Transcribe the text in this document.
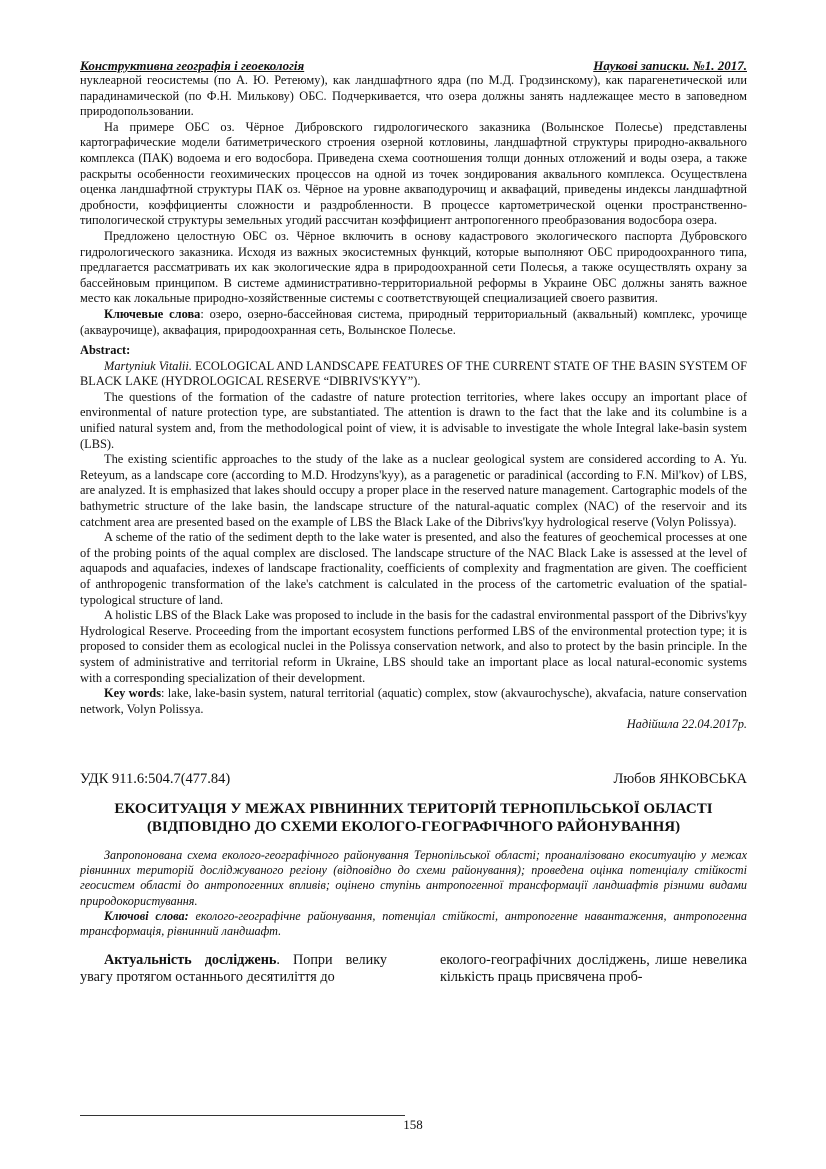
Конструктивна географія і геоекологія	Наукові записки. №1. 2017.

нуклеарной геосистемы (по А. Ю. Ретеюму), как ландшафтного ядра (по М.Д. Гродзинскому), как парагенетической или парадинамической (по Ф.Н. Милькову) ОБС. Подчеркивается, что озера должны занять надлежащее место в заповедном природопользовании.

На примере ОБС оз. Чёрное Дибровского гидрологического заказника (Волынское Полесье) представлены картографические модели батиметрического строения озерной котловины, ландшафтной структуры природно-аквального комплекса (ПАК) водоема и его водосбора. Приведена схема соотношения толщи донных отложений и воды озера, а также раскрыты особенности геохимических процессов на одной из точек зондирования аквального комплекса. Осуществлена оценка ландшафтной структуры ПАК оз. Чёрное на уровне акваподурочищ и аквафаций, приведены индексы ландшафтной дробности, коэффициенты сложности и раздробленности. В процессе картометрической оценки пространственно-типологической структуры земельных угодий рассчитан коэффициент антропогенного преобразования водосбора озера.

Предложено целостную ОБС оз. Чёрное включить в основу кадастрового экологического паспорта Дубровского гидрологического заказника. Исходя из важных экосистемных функций, которые выполняют ОБС природоохранного типа, предлагается рассматривать их как экологические ядра в природоохранной сети Полесья, а также осуществлять охрану за бассейновым принципом. В системе административно-территориальной реформы в Украине ОБС должны занять важное место как локальные природно-хозяйственные системы с соответствующей специализацией своего развития.

Ключевые слова: озеро, озерно-бассейновая система, природный территориальный (аквальный) комплекс, урочище (акваурочище), аквафация, природоохранная сеть, Волынское Полесье.

Abstract:

Martyniuk Vitalii. ECOLOGICAL AND LANDSCAPE FEATURES OF THE CURRENT STATE OF THE BASIN SYSTEM OF BLACK LAKE (HYDROLOGICAL RESERVE “DIBRIVS'KYY”).

The questions of the formation of the cadastre of nature protection territories, where lakes occupy an important place of environmental of nature protection type, are substantiated. The attention is drawn to the fact that the lake and its columbine is a unified natural system and, from the methodological point of view, it is advisable to investigate the whole Integral lake-basin system (LBS).

The existing scientific approaches to the study of the lake as a nuclear geological system are considered according to A. Yu. Reteyum, as a landscape core (according to M.D. Hrodzyns'kyy), as a paragenetic or paradinical (according to F.N. Mil'kov) of LBS, are analyzed. It is emphasized that lakes should occupy a proper place in the reserved nature management. Cartographic models of the bathymetric structure of the lake basin, the landscape structure of the natural-aquatic complex (NAC) of the reservoir and its catchment area are presented based on the example of LBS the Black Lake of the Dibrivs'kyy hydrological reserve (Volyn Polissya).

A scheme of the ratio of the sediment depth to the lake water is presented, and also the features of geochemical processes at one of the probing points of the aqual complex are disclosed. The landscape structure of the NAC Black Lake is assessed at the level of aquapods and aquafacies, indexes of landscape fractionality, coefficients of complexity and fragmentation are given. The coefficient of anthropogenic transformation of the lake's catchment is calculated in the process of the cartometric evaluation of the spatial-typological structure of land.

A holistic LBS of the Black Lake was proposed to include in the basis for the cadastral environmental passport of the Dibrivs'kyy Hydrological Reserve. Proceeding from the important ecosystem functions performed LBS of the environmental protection type; it is proposed to consider them as ecological nuclei in the Polissya conservation network, and also to protect by the basin principle. In the system of administrative and territorial reform in Ukraine, LBS should take an important place as local natural-economic systems with a corresponding specialization of their development.

Key words: lake, lake-basin system, natural territorial (aquatic) complex, stow (akvaurochysche), akvafacia, nature conservation network, Volyn Polissya.

Надійшла 22.04.2017р.
УДК 911.6:504.7(477.84)	Любов ЯНКОВСЬКА
ЕКОСИТУАЦІЯ У МЕЖАХ РІВНИННИХ ТЕРИТОРІЙ ТЕРНОПІЛЬСЬКОЇ ОБЛАСТІ (ВІДПОВІДНО ДО СХЕМИ ЕКОЛОГО-ГЕОГРАФІЧНОГО РАЙОНУВАННЯ)

Запропонована схема еколого-географічного районування Тернопільської області; проаналізовано екоситуацію у межах рівнинних територій досліджуваного регіону (відповідно до схеми районування); проведена оцінка потенціалу стійкості геосистем області до антропогенних впливів; оцінено ступінь антропогенної трансформації ландшафтів різними видами природокористування.

Ключові слова: еколого-географічне районування, потенціал стійкості, антропогенне навантаження, антропогенна трансформація, рівнинний ландшафт.

Актуальність досліджень. Попри велику увагу протягом останнього десятиліття до
еколого-географічних досліджень, лише невелика кількість праць присвячена проб-
158
